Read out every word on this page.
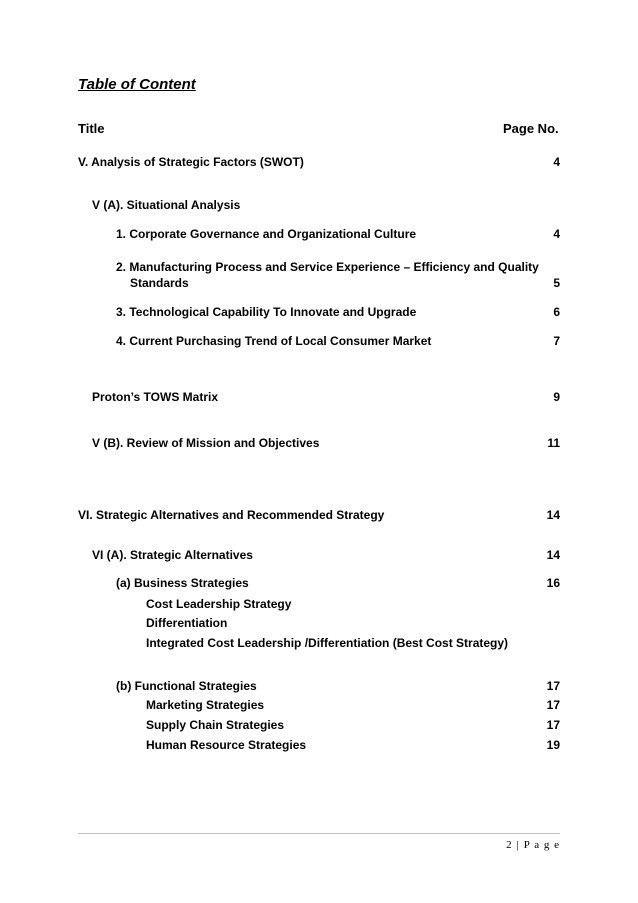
Table of Content
Title	Page No.
V. Analysis of Strategic Factors (SWOT)	4
V (A). Situational Analysis
1. Corporate Governance and Organizational Culture	4
2. Manufacturing Process and Service Experience – Efficiency and Quality
Standards	5
3. Technological Capability To Innovate and Upgrade	6
4. Current Purchasing Trend of Local Consumer Market	7
Proton’s TOWS Matrix	9
V (B). Review of Mission and Objectives	11
VI. Strategic Alternatives and Recommended Strategy	14
VI (A). Strategic Alternatives	14
(a) Business Strategies	16
Cost Leadership Strategy
Differentiation
Integrated Cost Leadership /Differentiation (Best Cost Strategy)
(b) Functional Strategies	17
Marketing Strategies	17
Supply Chain Strategies	17
Human Resource Strategies	19
2 | P a g e
